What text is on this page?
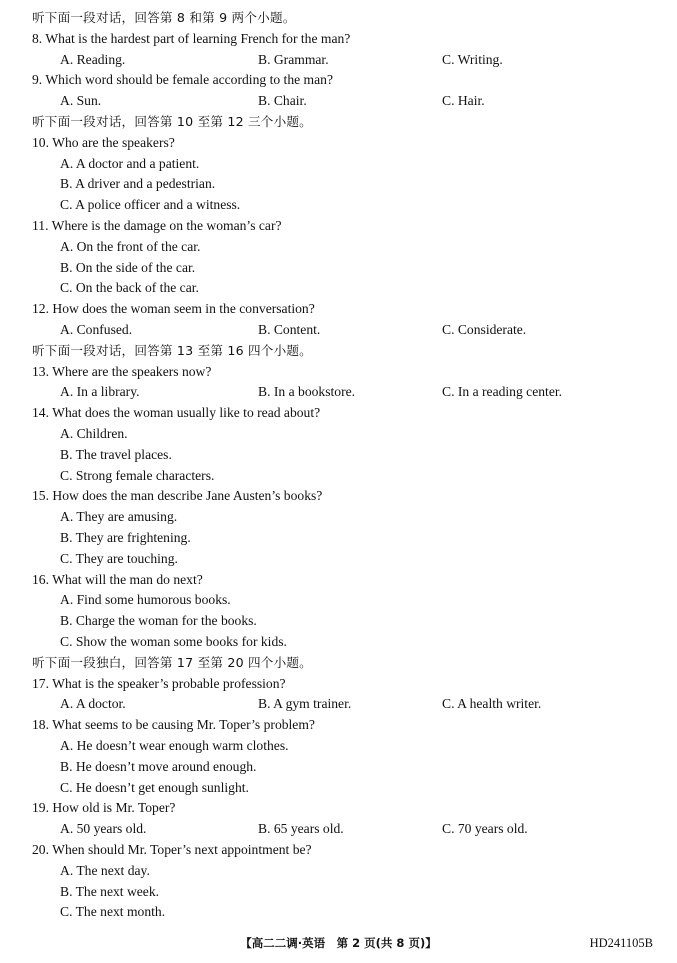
听下面一段对话，回答第 8 和第 9 两个小题。
8. What is the hardest part of learning French for the man?
A. Reading.	B. Grammar.	C. Writing.
9. Which word should be female according to the man?
A. Sun.	B. Chair.	C. Hair.
听下面一段对话，回答第 10 至第 12 三个小题。
10. Who are the speakers?
A. A doctor and a patient.
B. A driver and a pedestrian.
C. A police officer and a witness.
11. Where is the damage on the woman’s car?
A. On the front of the car.
B. On the side of the car.
C. On the back of the car.
12. How does the woman seem in the conversation?
A. Confused.	B. Content.	C. Considerate.
听下面一段对话，回答第 13 至第 16 四个小题。
13. Where are the speakers now?
A. In a library.	B. In a bookstore.	C. In a reading center.
14. What does the woman usually like to read about?
A. Children.
B. The travel places.
C. Strong female characters.
15. How does the man describe Jane Austen’s books?
A. They are amusing.
B. They are frightening.
C. They are touching.
16. What will the man do next?
A. Find some humorous books.
B. Charge the woman for the books.
C. Show the woman some books for kids.
听下面一段独白，回答第 17 至第 20 四个小题。
17. What is the speaker’s probable profession?
A. A doctor.	B. A gym trainer.	C. A health writer.
18. What seems to be causing Mr. Toper’s problem?
A. He doesn’t wear enough warm clothes.
B. He doesn’t move around enough.
C. He doesn’t get enough sunlight.
19. How old is Mr. Toper?
A. 50 years old.	B. 65 years old.	C. 70 years old.
20. When should Mr. Toper’s next appointment be?
A. The next day.
B. The next week.
C. The next month.
【高二二调·英语　第 2 页(共 8 页)】	HD241105B
